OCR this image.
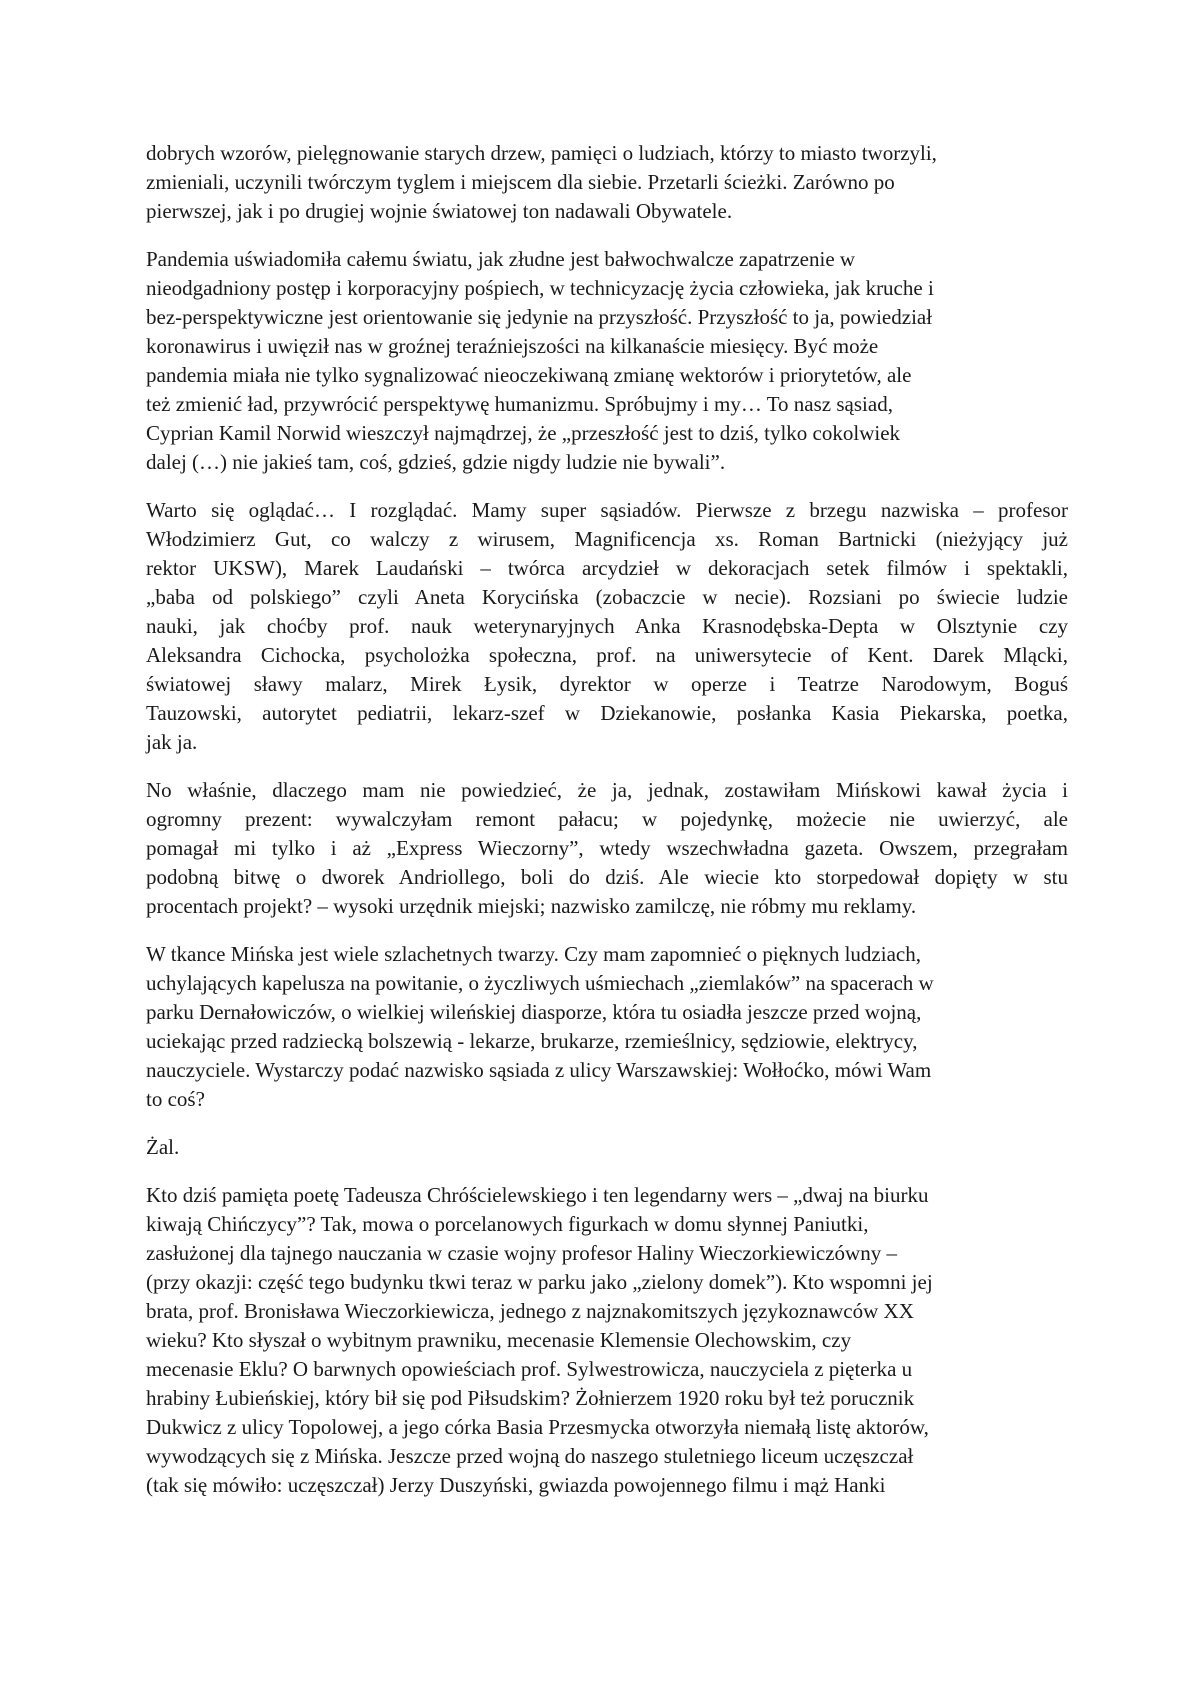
dobrych wzorów, pielęgnowanie starych drzew, pamięci o ludziach, którzy to miasto tworzyli,
zmieniali, uczynili twórczym tyglem i miejscem dla siebie. Przetarli ścieżki. Zarówno po
pierwszej, jak i po drugiej wojnie światowej ton nadawali Obywatele.

Pandemia uświadomiła całemu światu, jak złudne jest bałwochwalcze zapatrzenie w
nieodgadniony postęp i korporacyjny pośpiech, w technicyzację życia człowieka, jak kruche i
bez-perspektywiczne jest orientowanie się jedynie na przyszłość. Przyszłość to ja, powiedział
koronawirus i uwięził nas w groźnej teraźniejszości na kilkanaście miesięcy. Być może
pandemia miała nie tylko sygnalizować nieoczekiwaną zmianę wektorów i priorytetów, ale
też zmienić ład, przywrócić perspektywę humanizmu. Spróbujmy i my… To nasz sąsiad,
Cyprian Kamil Norwid wieszczył najmądrzej, że „przeszłość jest to dziś, tylko cokolwiek
dalej (…) nie jakieś tam, coś, gdzieś, gdzie nigdy ludzie nie bywali”.

Warto się oglądać… I rozglądać. Mamy super sąsiadów. Pierwsze z brzegu nazwiska – profesor
Włodzimierz Gut, co walczy z wirusem, Magnificencja xs. Roman Bartnicki (nieżyjący już
rektor UKSW), Marek Laudański – twórca arcydzieł w dekoracjach setek filmów i spektakli,
„baba od polskiego” czyli Aneta Korycińska (zobaczcie w necie). Rozsiani po świecie ludzie
nauki, jak choćby prof. nauk weterynaryjnych Anka Krasnodębska-Depta w Olsztynie czy
Aleksandra Cichocka, psycholożka społeczna, prof. na uniwersytecie of Kent. Darek Mlącki,
światowej sławy malarz, Mirek Łysik, dyrektor w operze i Teatrze Narodowym, Boguś
Tauzowski, autorytet pediatrii, lekarz-szef w Dziekanowie, posłanka Kasia Piekarska, poetka,
jak ja.

No właśnie, dlaczego mam nie powiedzieć, że ja, jednak, zostawiłam Mińskowi kawał życia i
ogromny prezent: wywalczyłam remont pałacu; w pojedynkę, możecie nie uwierzyć, ale
pomagał mi tylko i aż „Express Wieczorny”, wtedy wszechwładna gazeta. Owszem, przegrałam
podobną bitwę o dworek Andriollego, boli do dziś. Ale wiecie kto storpedował dopięty w stu
procentach projekt? – wysoki urzędnik miejski; nazwisko zamilczę, nie róbmy mu reklamy.

W tkance Mińska jest wiele szlachetnych twarzy. Czy mam zapomnieć o pięknych ludziach,
uchylających kapelusza na powitanie, o życzliwych uśmiechach „ziemlaków” na spacerach w
parku Dernałowiczów, o wielkiej wileńskiej diasporze, która tu osiadła jeszcze przed wojną,
uciekając przed radziecką bolszewią - lekarze, brukarze, rzemieślnicy, sędziowie, elektrycy,
nauczyciele. Wystarczy podać nazwisko sąsiada z ulicy Warszawskiej: Wołłoćko, mówi Wam
to coś?

Żal.

Kto dziś pamięta poetę Tadeusza Chróścielewskiego i ten legendarny wers – „dwaj na biurku
kiwają Chińczycy”? Tak, mowa o porcelanowych figurkach w domu słynnej Paniutki,
zasłużonej dla tajnego nauczania w czasie wojny profesor Haliny Wieczorkiewiczówny –
(przy okazji: część tego budynku tkwi teraz w parku jako „zielony domek”). Kto wspomni jej
brata, prof. Bronisława Wieczorkiewicza, jednego z najznakomitszych językoznawców XX
wieku? Kto słyszał o wybitnym prawniku, mecenasie Klemensie Olechowskim, czy
mecenasie Eklu? O barwnych opowieściach prof. Sylwestrowicza, nauczyciela z pięterka u
hrabiny Łubieńskiej, który bił się pod Piłsudskim? Żołnierzem 1920 roku był też porucznik
Dukwicz z ulicy Topolowej, a jego córka Basia Przesmycka otworzyła niemałą listę aktorów,
wywodzących się z Mińska. Jeszcze przed wojną do naszego stuletniego liceum uczęszczał
(tak się mówiło: uczęszczał) Jerzy Duszyński, gwiazda powojennego filmu i mąż Hanki
